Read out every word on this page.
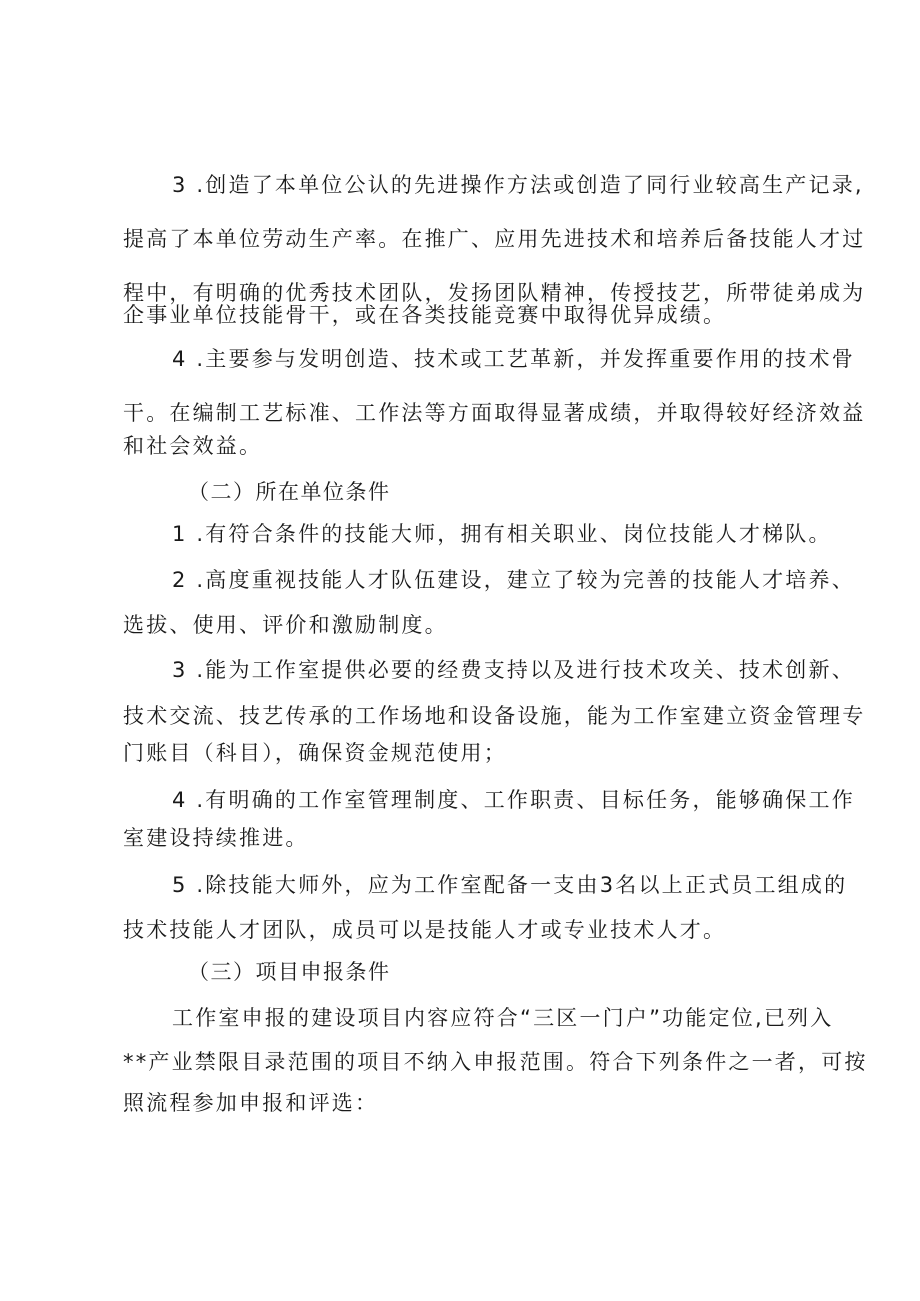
3 .创造了本单位公认的先进操作方法或创造了同行业较高生产记录,
提高了本单位劳动生产率。在推广、应用先进技术和培养后备技能人才过
程中，有明确的优秀技术团队，发扬团队精神，传授技艺，所带徒弟成为
企事业单位技能骨干，或在各类技能竞赛中取得优异成绩。
4 .主要参与发明创造、技术或工艺革新，并发挥重要作用的技术骨
干。在编制工艺标准、工作法等方面取得显著成绩，并取得较好经济效益
和社会效益。
（二）所在单位条件
1 .有符合条件的技能大师，拥有相关职业、岗位技能人才梯队。
2 .高度重视技能人才队伍建设，建立了较为完善的技能人才培养、
选拔、使用、评价和激励制度。
3 .能为工作室提供必要的经费支持以及进行技术攻关、技术创新、
技术交流、技艺传承的工作场地和设备设施，能为工作室建立资金管理专
门账目（科目），确保资金规范使用；
4 .有明确的工作室管理制度、工作职责、目标任务，能够确保工作
室建设持续推进。
5 .除技能大师外，应为工作室配备一支由3名以上正式员工组成的
技术技能人才团队，成员可以是技能人才或专业技术人才。
（三）项目申报条件
工作室申报的建设项目内容应符合“三区一门户”功能定位,已列入
**产业禁限目录范围的项目不纳入申报范围。符合下列条件之一者，可按
照流程参加申报和评选：
